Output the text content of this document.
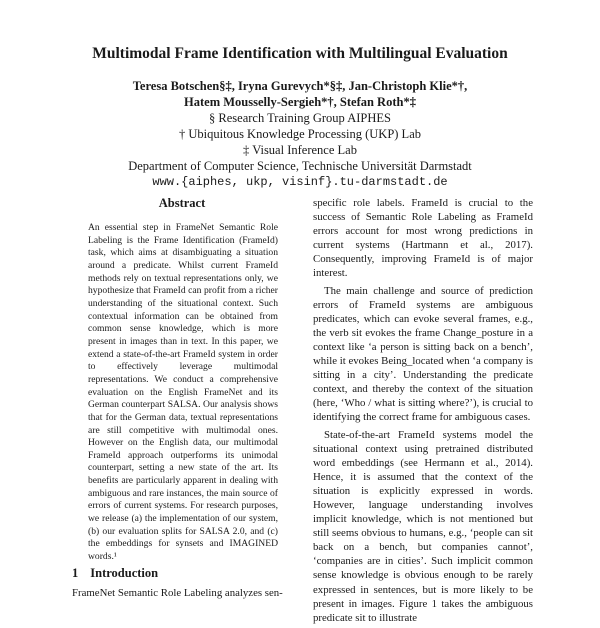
Multimodal Frame Identification with Multilingual Evaluation
Teresa Botschen§‡, Iryna Gurevych*§‡, Jan-Christoph Klie*†,
Hatem Mousselly-Sergieh*†, Stefan Roth*‡
§ Research Training Group AIPHES
† Ubiquitous Knowledge Processing (UKP) Lab
‡ Visual Inference Lab
Department of Computer Science, Technische Universität Darmstadt
www.{aiphes, ukp, visinf}.tu-darmstadt.de
Abstract

An essential step in FrameNet Semantic Role Labeling is the Frame Identification (FrameId) task, which aims at disambiguating a situation around a predicate. Whilst current FrameId methods rely on textual representations only, we hypothesize that FrameId can profit from a richer understanding of the situational context. Such contextual information can be obtained from common sense knowledge, which is more present in images than in text. In this paper, we extend a state-of-the-art FrameId system in order to effectively leverage multimodal representations. We conduct a comprehensive evaluation on the English FrameNet and its German counterpart SALSA. Our analysis shows that for the German data, textual representations are still competitive with multimodal ones. However on the English data, our multimodal FrameId approach outperforms its unimodal counterpart, setting a new state of the art. Its benefits are particularly apparent in dealing with ambiguous and rare instances, the main source of errors of current systems. For research purposes, we release (a) the implementation of our system, (b) our evaluation splits for SALSA 2.0, and (c) the embeddings for synsets and IMAGINED words.¹

1 Introduction
FrameNet Semantic Role Labeling analyzes sen-

specific role labels. FrameId is crucial to the success of Semantic Role Labeling as FrameId errors account for most wrong predictions in current systems (Hartmann et al., 2017). Consequently, improving FrameId is of major interest.

The main challenge and source of prediction errors of FrameId systems are ambiguous predicates, which can evoke several frames, e.g., the verb sit evokes the frame Change_posture in a context like ‘a person is sitting back on a bench’, while it evokes Being_located when ‘a company is sitting in a city’. Understanding the predicate context, and thereby the context of the situation (here, ‘Who / what is sitting where?’), is crucial to identifying the correct frame for ambiguous cases.

State-of-the-art FrameId systems model the situational context using pretrained distributed word embeddings (see Hermann et al., 2014). Hence, it is assumed that the context of the situation is explicitly expressed in words. However, language understanding involves implicit knowledge, which is not mentioned but still seems obvious to humans, e.g., ‘people can sit back on a bench, but companies cannot’, ‘companies are in cities’. Such implicit common sense knowledge is obvious enough to be rarely expressed in sentences, but is more likely to be present in images. Figure 1 takes the ambiguous predicate sit to illustrate
